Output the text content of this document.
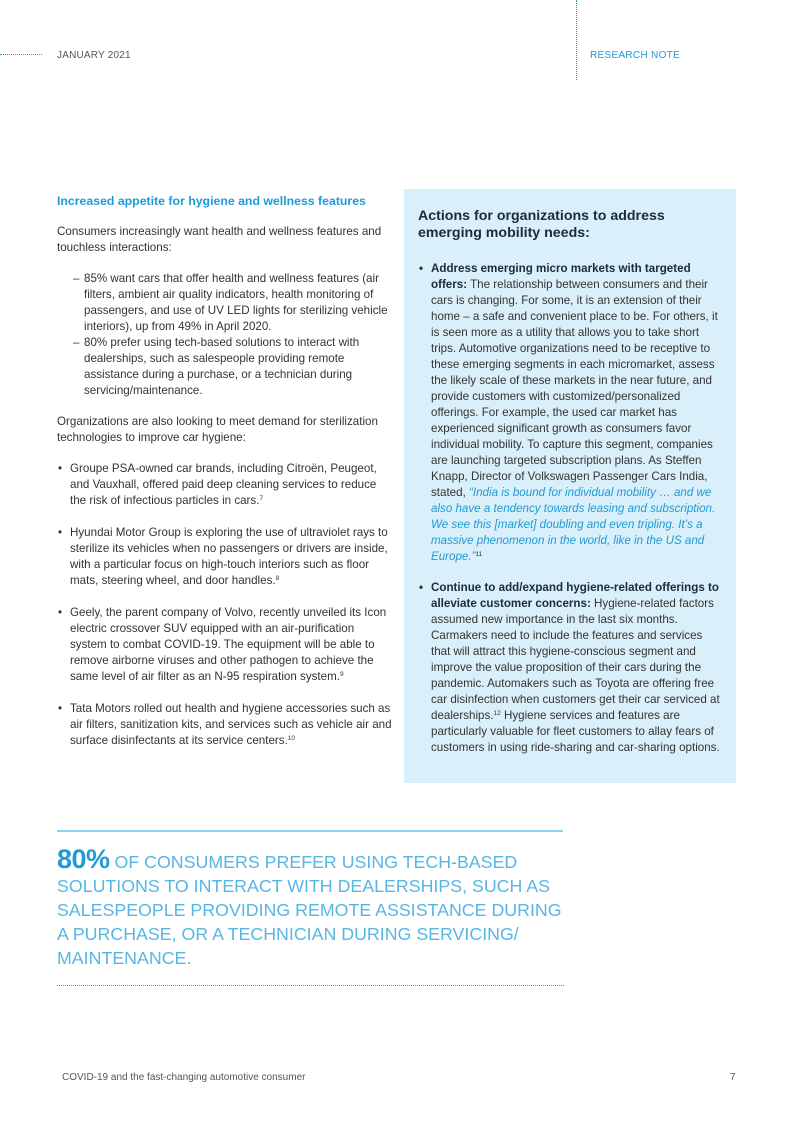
JANUARY 2021	RESEARCH NOTE
Increased appetite for hygiene and wellness features

Consumers increasingly want health and wellness features and touchless interactions:

– 85% want cars that offer health and wellness features (air filters, ambient air quality indicators, health monitoring of passengers, and use of UV LED lights for sterilizing vehicle interiors), up from 49% in April 2020.
– 80% prefer using tech-based solutions to interact with dealerships, such as salespeople providing remote assistance during a purchase, or a technician during servicing/maintenance.

Organizations are also looking to meet demand for sterilization technologies to improve car hygiene:

• Groupe PSA-owned car brands, including Citroën, Peugeot, and Vauxhall, offered paid deep cleaning services to reduce the risk of infectious particles in cars.$^7$
• Hyundai Motor Group is exploring the use of ultraviolet rays to sterilize its vehicles when no passengers or drivers are inside, with a particular focus on high-touch interiors such as floor mats, steering wheel, and door handles.$^8$
• Geely, the parent company of Volvo, recently unveiled its Icon electric crossover SUV equipped with an air-purification system to combat COVID-19. The equipment will be able to remove airborne viruses and other pathogen to achieve the same level of air filter as an N-95 respiration system.$^9$
• Tata Motors rolled out health and hygiene accessories such as air filters, sanitization kits, and services such as vehicle air and surface disinfectants at its service centers.$^{10}$
Actions for organizations to address emerging mobility needs:
• Address emerging micro markets with targeted offers: The relationship between consumers and their cars is changing. For some, it is an extension of their home – a safe and convenient place to be. For others, it is seen more as a utility that allows you to take short trips. Automotive organizations need to be receptive to these emerging segments in each micromarket, assess the likely scale of these markets in the near future, and provide customers with customized/personalized offerings. For example, the used car market has experienced significant growth as consumers favor individual mobility. To capture this segment, companies are launching targeted subscription plans. As Steffen Knapp, Director of Volkswagen Passenger Cars India, stated, “India is bound for individual mobility … and we also have a tendency towards leasing and subscription. We see this [market] doubling and even tripling. It’s a massive phenomenon in the world, like in the US and Europe.”$^{11}$
• Continue to add/expand hygiene-related offerings to alleviate customer concerns: Hygiene-related factors assumed new importance in the last six months. Carmakers need to include the features and services that will attract this hygiene-conscious segment and improve the value proposition of their cars during the pandemic. Automakers such as Toyota are offering free car disinfection when customers get their car serviced at dealerships.$^{12}$ Hygiene services and features are particularly valuable for fleet customers to allay fears of customers in using ride-sharing and car-sharing options.
80% OF CONSUMERS PREFER USING TECH-BASED SOLUTIONS TO INTERACT WITH DEALERSHIPS, SUCH AS SALESPEOPLE PROVIDING REMOTE ASSISTANCE DURING A PURCHASE, OR A TECHNICIAN DURING SERVICING/ MAINTENANCE.
COVID-19 and the fast-changing automotive consumer	7
